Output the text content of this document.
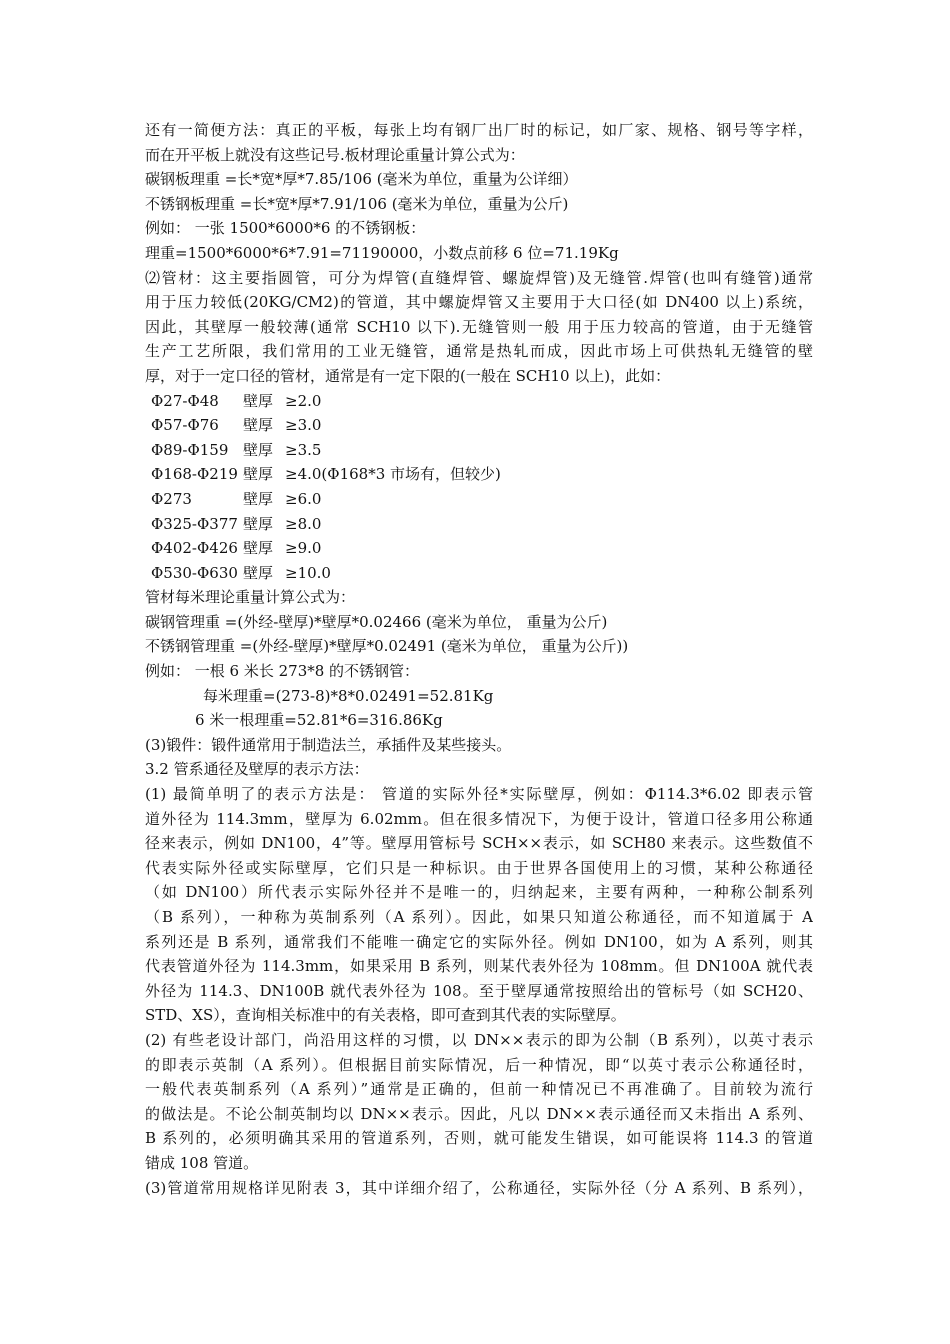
还有一简便方法：真正的平板，每张上均有钢厂出厂时的标记，如厂家、规格、钢号等字样，
而在开平板上就没有这些记号.板材理论重量计算公式为：
碳钢板理重 =长*宽*厚*7.85/106 (毫米为单位，重量为公详细）
不锈钢板理重 =长*宽*厚*7.91/106 (毫米为单位，重量为公斤)
例如： 一张 1500*6000*6 的不锈钢板：
理重=1500*6000*6*7.91=71190000，小数点前移 6 位=71.19Kg
⑵管材：这主要指圆管，可分为焊管(直缝焊管、螺旋焊管)及无缝管.焊管(也叫有缝管)通常
用于压力较低(20KG/CM2)的管道，其中螺旋焊管又主要用于大口径(如 DN400 以上)系统，
因此，其壁厚一般较薄(通常 SCH10 以下).无缝管则一般 用于压力较高的管道，由于无缝管
生产工艺所限，我们常用的工业无缝管，通常是热轧而成，因此市场上可供热轧无缝管的壁
厚，对于一定口径的管材，通常是有一定下限的(一般在 SCH10 以上)，此如：
Φ27-Φ48	壁厚 ≥2.0
Φ57-Φ76	壁厚 ≥3.0
Φ89-Φ159 壁厚 ≥3.5
Φ168-Φ219 壁厚 ≥4.0(Φ168*3 市场有，但较少)
Φ273	壁厚 ≥6.0
Φ325-Φ377 壁厚 ≥8.0
Φ402-Φ426 壁厚 ≥9.0
Φ530-Φ630 壁厚 ≥10.0
管材每米理论重量计算公式为：
碳钢管理重 =(外经-壁厚)*壁厚*0.02466 (毫米为单位， 重量为公斤)
不锈钢管理重 =(外经-壁厚)*壁厚*0.02491 (毫米为单位， 重量为公斤))
例如： 一根 6 米长 273*8 的不锈钢管：
每米理重=(273-8)*8*0.02491=52.81Kg
6 米一根理重=52.81*6=316.86Kg
(3)锻件：锻件通常用于制造法兰，承插件及某些接头。
3.2 管系通径及壁厚的表示方法：
(1) 最简单明了的表示方法是： 管道的实际外径*实际壁厚，例如：Φ114.3*6.02 即表示管
道外径为 114.3mm，壁厚为 6.02mm。但在很多情况下，为便于设计，管道口径多用公称通
径来表示，例如 DN100，4”等。壁厚用管标号 SCH××表示，如 SCH80 来表示。这些数值不
代表实际外径或实际壁厚，它们只是一种标识。由于世界各国使用上的习惯，某种公称通径
（如 DN100）所代表示实际外径并不是唯一的，归纳起来，主要有两种，一种称公制系列
（B 系列），一种称为英制系列（A 系列）。因此，如果只知道公称通径，而不知道属于 A
系列还是 B 系列，通常我们不能唯一确定它的实际外径。例如 DN100，如为 A 系列，则其
代表管道外径为 114.3mm，如果采用 B 系列，则某代表外径为 108mm。但 DN100A 就代表
外径为 114.3、DN100B 就代表外径为 108。至于壁厚通常按照给出的管标号（如 SCH20、
STD、XS），查询相关标准中的有关表格，即可查到其代表的实际壁厚。
(2) 有些老设计部门，尚沿用这样的习惯，以 DN××表示的即为公制（B 系列），以英寸表示
的即表示英制（A 系列）。但根据目前实际情况，后一种情况，即“以英寸表示公称通径时，
一般代表英制系列（A 系列）”通常是正确的，但前一种情况已不再准确了。目前较为流行
的做法是。不论公制英制均以 DN××表示。因此，凡以 DN××表示通径而又未指出 A 系列、
B 系列的，必须明确其采用的管道系列，否则，就可能发生错误，如可能误将 114.3 的管道
错成 108 管道。
(3)管道常用规格详见附表 3，其中详细介绍了，公称通径，实际外径（分 A 系列、B 系列），
